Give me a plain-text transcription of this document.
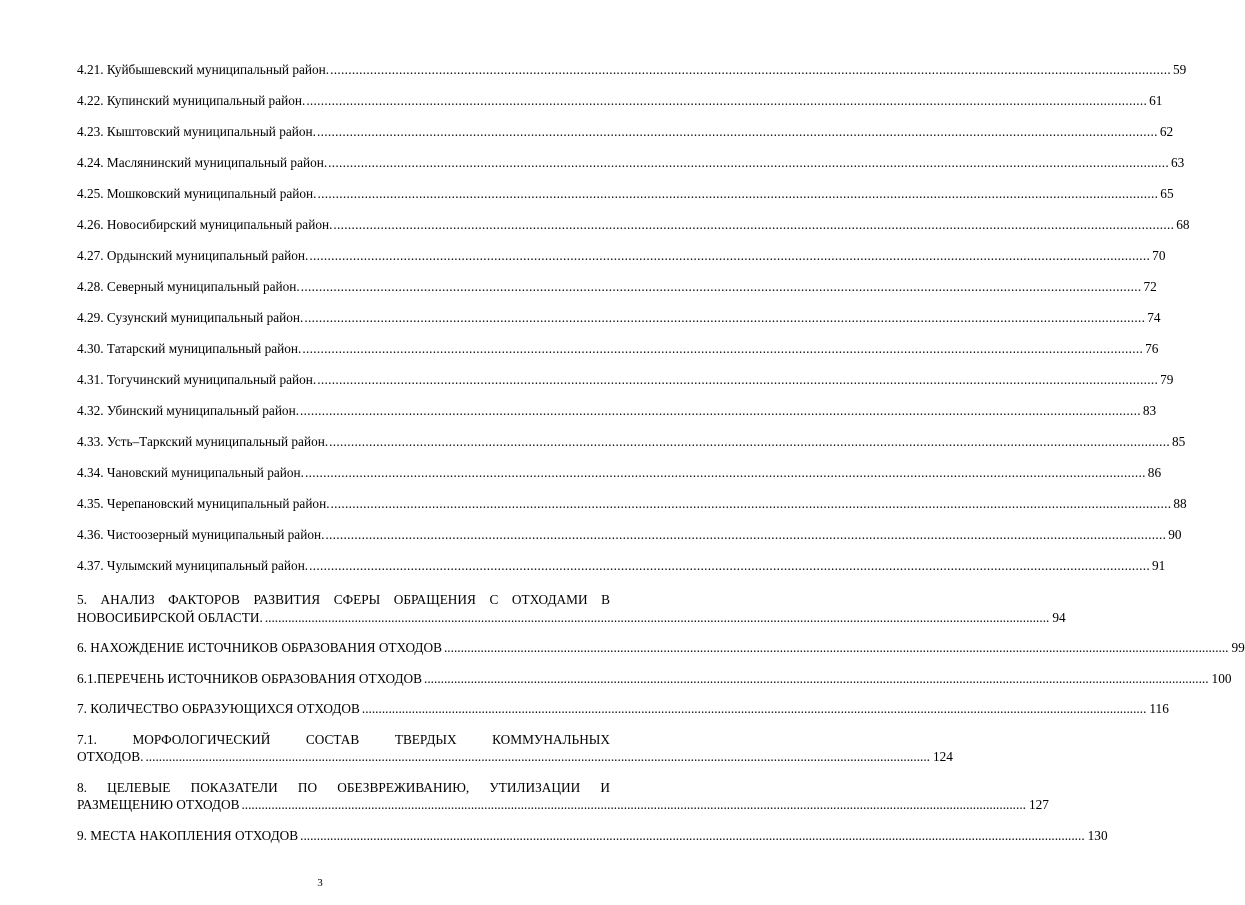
4.21. Куйбышевский муниципальный район. .....	59
4.22. Купинский муниципальный район. .....	61
4.23. Кыштовский муниципальный район. .....	62
4.24. Маслянинский муниципальный район. .....	63
4.25. Мошковский муниципальный район. .....	65
4.26. Новосибирский муниципальный район. .....	68
4.27. Ордынский муниципальный район. .....	70
4.28. Северный муниципальный район. .....	72
4.29. Сузунский муниципальный район. .....	74
4.30. Татарский муниципальный район. .....	76
4.31. Тогучинский муниципальный район. .....	79
4.32. Убинский муниципальный район. .....	83
4.33. Усть–Таркский муниципальный район. .....	85
4.34. Чановский муниципальный район. .....	86
4.35. Черепановский муниципальный район. .....	88
4.36. Чистоозерный муниципальный район. .....	90
4.37. Чулымский муниципальный район. .....	91
5. АНАЛИЗ ФАКТОРОВ РАЗВИТИЯ СФЕРЫ ОБРАЩЕНИЯ С ОТХОДАМИ В
НОВОСИБИРСКОЙ ОБЛАСТИ. ............................................................................................................................................................................................................................................ 94
6. НАХОЖДЕНИЕ ИСТОЧНИКОВ ОБРАЗОВАНИЯ ОТХОДОВ ............................................................................................................................................................................................................................................ 99
6.1.ПЕРЕЧЕНЬ ИСТОЧНИКОВ ОБРАЗОВАНИЯ ОТХОДОВ ............................................................................................................................................................................................................................................ 100
7. КОЛИЧЕСТВО ОБРАЗУЮЩИХСЯ ОТХОДОВ ............................................................................................................................................................................................................................................ 116
7.1. МОРФОЛОГИЧЕСКИЙ СОСТАВ ТВЕРДЫХ КОММУНАЛЬНЫХ
ОТХОДОВ. ............................................................................................................................................................................................................................................ 124
8. ЦЕЛЕВЫЕ ПОКАЗАТЕЛИ ПО ОБЕЗВРЕЖИВАНИЮ, УТИЛИЗАЦИИ И
РАЗМЕЩЕНИЮ ОТХОДОВ ............................................................................................................................................................................................................................................ 127
9. МЕСТА НАКОПЛЕНИЯ ОТХОДОВ ............................................................................................................................................................................................................................................ 130
3
